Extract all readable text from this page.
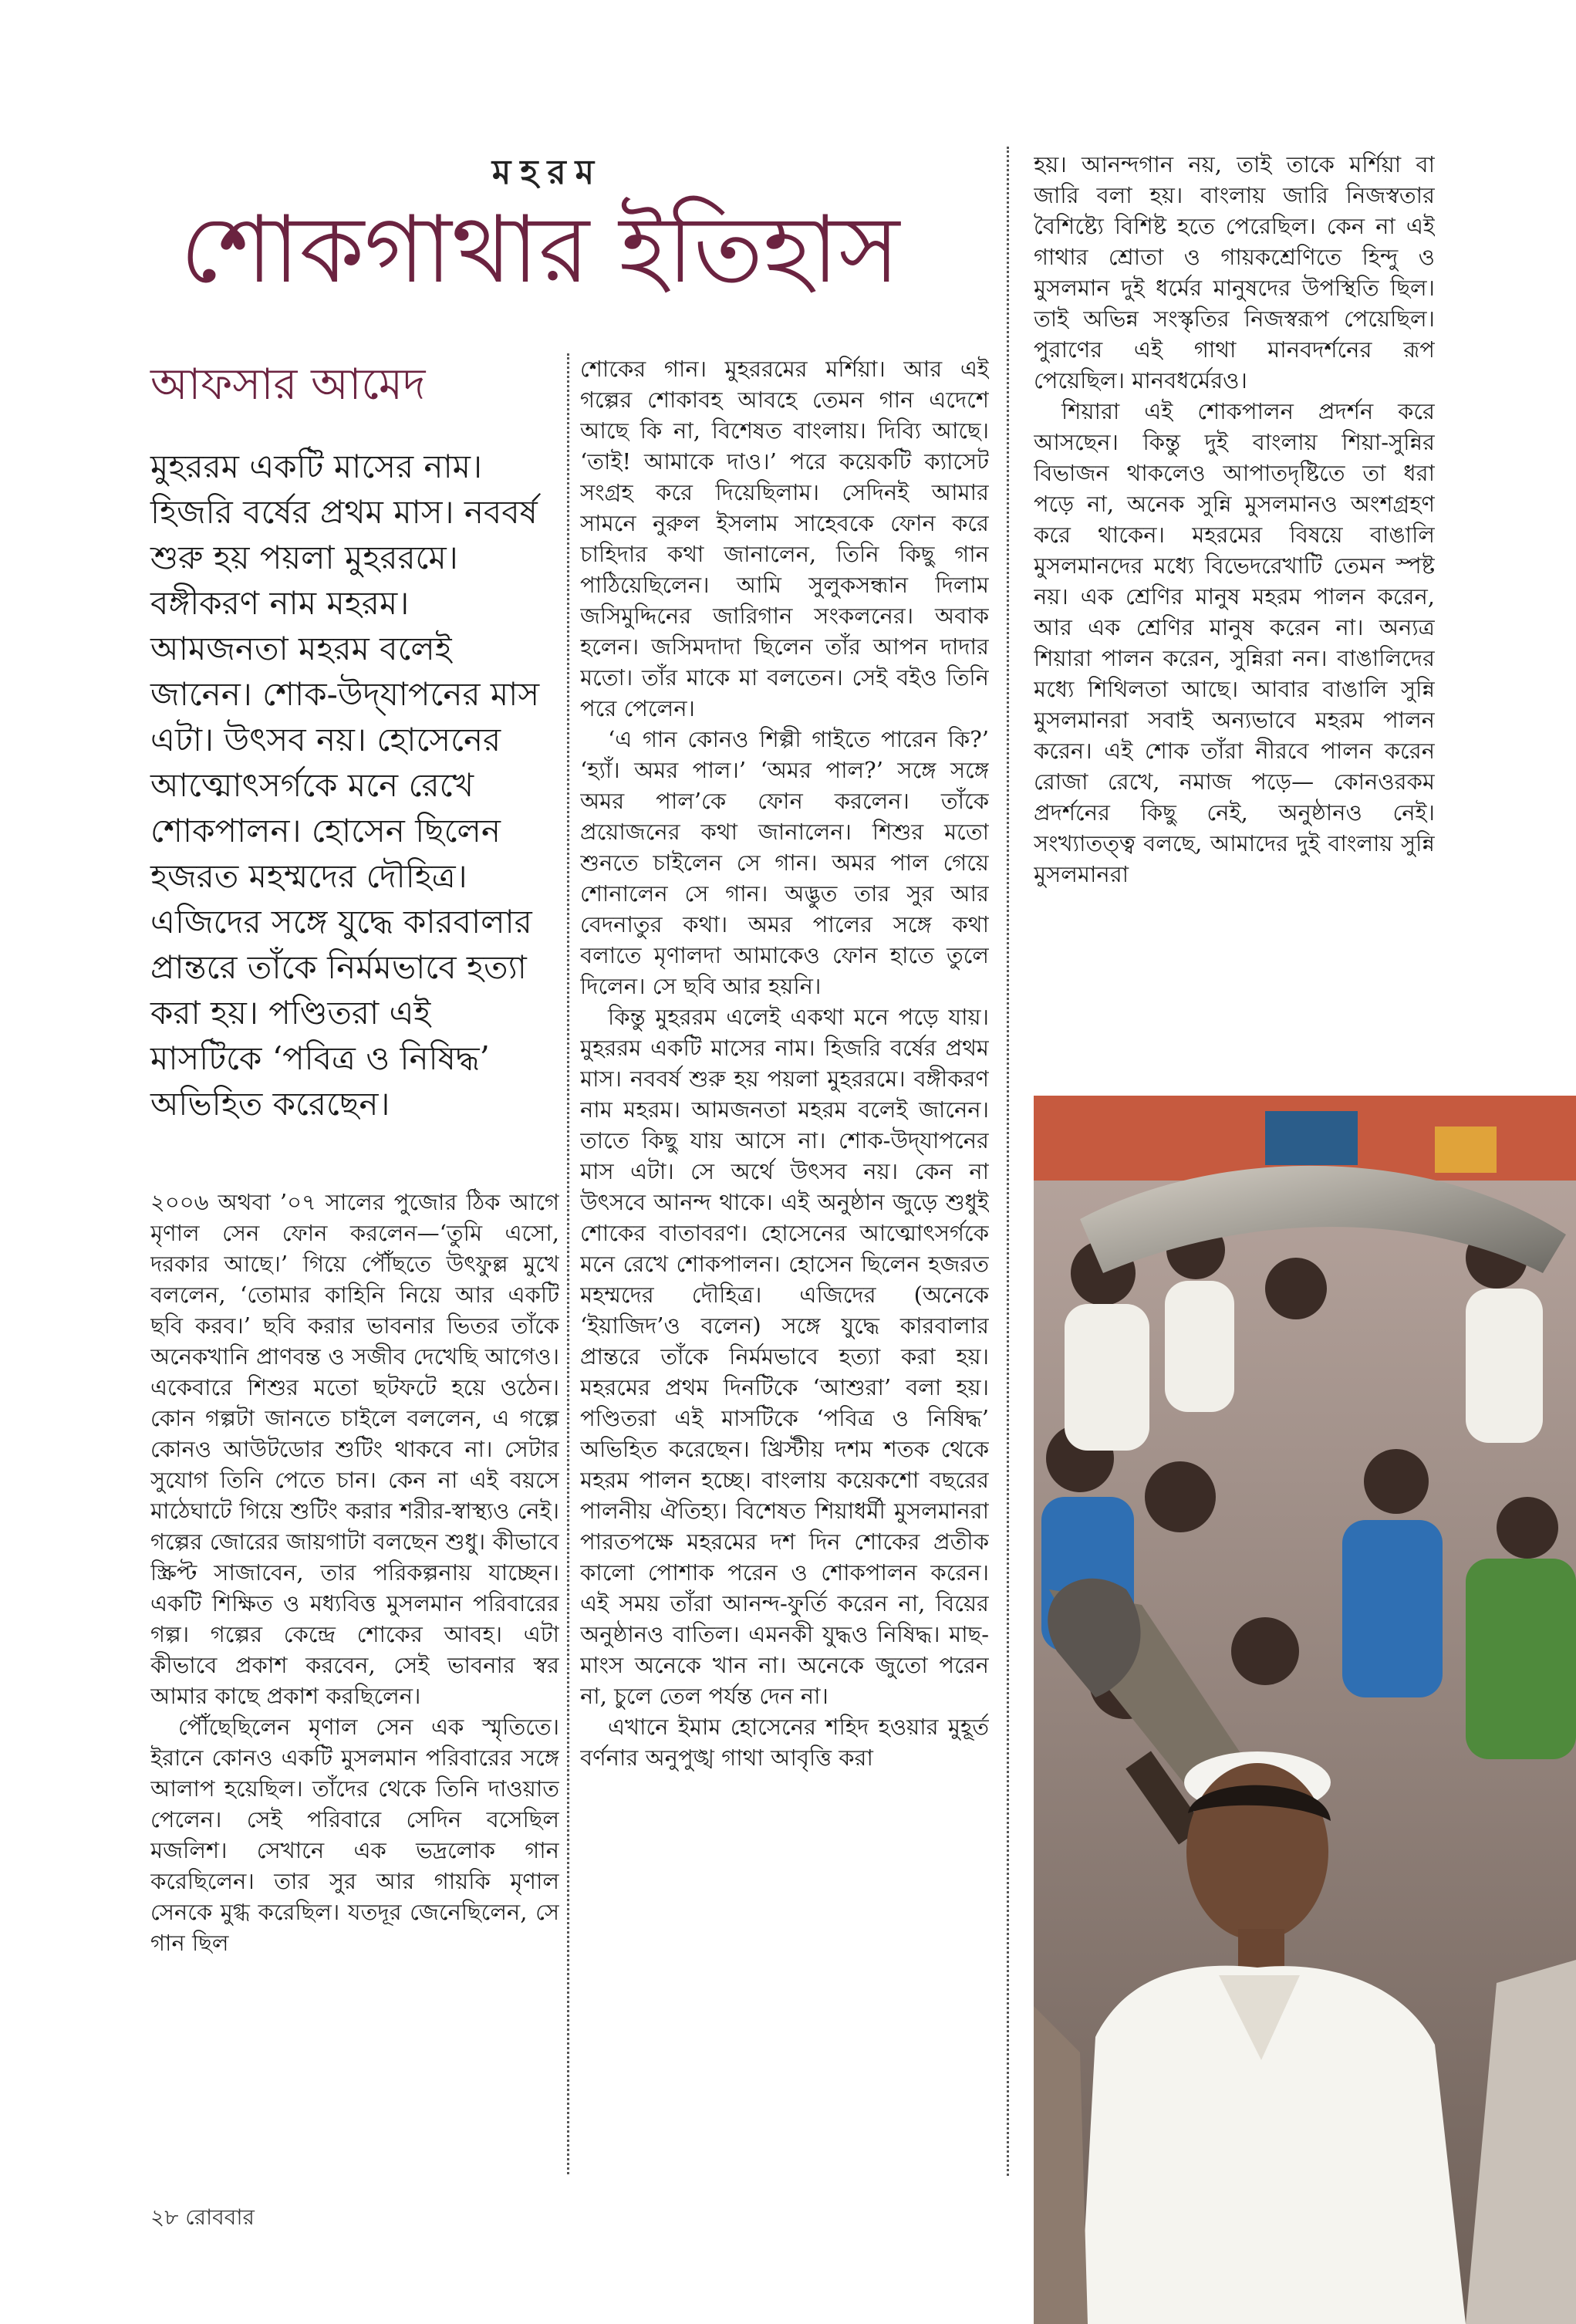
মহরম
শোকগাথার ইতিহাস
আফসার আমেদ

মুহররম একটি মাসের নাম। হিজরি বর্ষের প্রথম মাস। নববর্ষ শুরু হয় পয়লা মুহররমে। বঙ্গীকরণ নাম মহরম। আমজনতা মহরম বলেই জানেন। শোক-উদ্‌যাপনের মাস এটা। উৎসব নয়। হোসেনের আত্মোৎসর্গকে মনে রেখে শোকপালন। হোসেন ছিলেন হজরত মহম্মদের দৌহিত্র। এজিদের সঙ্গে যুদ্ধে কারবালার প্রান্তরে তাঁকে নির্মমভাবে হত্যা করা হয়। পণ্ডিতরা এই মাসটিকে ‘পবিত্র ও নিষিদ্ধ’ অভিহিত করেছেন।

২০০৬ অথবা ’০৭ সালের পুজোর ঠিক আগে মৃণাল সেন ফোন করলেন—‘তুমি এসো, দরকার আছে।’ গিয়ে পৌঁছতে উৎফুল্ল মুখে বললেন, ‘তোমার কাহিনি নিয়ে আর একটি ছবি করব।’ ছবি করার ভাবনার ভিতর তাঁকে অনেকখানি প্রাণবন্ত ও সজীব দেখেছি আগেও। একেবারে শিশুর মতো ছটফটে হয়ে ওঠেন। কোন গল্পটা জানতে চাইলে বললেন, এ গল্পে কোনও আউটডোর শুটিং থাকবে না। সেটার সুযোগ তিনি পেতে চান। কেন না এই বয়সে মাঠেঘাটে গিয়ে শুটিং করার শরীর-স্বাস্থ্যও নেই। গল্পের জোরের জায়গাটা বলছেন শুধু। কীভাবে স্ক্রিপ্ট সাজাবেন, তার পরিকল্পনায় যাচ্ছেন। একটি শিক্ষিত ও মধ্যবিত্ত মুসলমান পরিবারের গল্প। গল্পের কেন্দ্রে শোকের আবহ। এটা কীভাবে প্রকাশ করবেন, সেই ভাবনার স্বর আমার কাছে প্রকাশ করছিলেন।

পৌঁছেছিলেন মৃণাল সেন এক স্মৃতিতে। ইরানে কোনও একটি মুসলমান পরিবারের সঙ্গে আলাপ হয়েছিল। তাঁদের থেকে তিনি দাওয়াত পেলেন। সেই পরিবারে সেদিন বসেছিল মজলিশ। সেখানে এক ভদ্রলোক গান করেছিলেন। তার সুর আর গায়কি মৃণাল সেনকে মুগ্ধ করেছিল। যতদূর জেনেছিলেন, সে গান ছিল

শোকের গান। মুহররমের মর্শিয়া। আর এই গল্পের শোকাবহ আবহে তেমন গান এদেশে আছে কি না, বিশেষত বাংলায়। দিব্যি আছে। ‘তাই! আমাকে দাও।’ পরে কয়েকটি ক্যাসেট সংগ্রহ করে দিয়েছিলাম। সেদিনই আমার সামনে নুরুল ইসলাম সাহেবকে ফোন করে চাহিদার কথা জানালেন, তিনি কিছু গান পাঠিয়েছিলেন। আমি সুলুকসন্ধান দিলাম জসিমুদ্দিনের জারিগান সংকলনের। অবাক হলেন। জসিমদাদা ছিলেন তাঁর আপন দাদার মতো। তাঁর মাকে মা বলতেন। সেই বইও তিনি পরে পেলেন।

‘এ গান কোনও শিল্পী গাইতে পারেন কি?’ ‘হ্যাঁ। অমর পাল।’ ‘অমর পাল?’ সঙ্গে সঙ্গে অমর পাল’কে ফোন করলেন। তাঁকে প্রয়োজনের কথা জানালেন। শিশুর মতো শুনতে চাইলেন সে গান। অমর পাল গেয়ে শোনালেন সে গান। অদ্ভুত তার সুর আর বেদনাতুর কথা। অমর পালের সঙ্গে কথা বলাতে মৃণালদা আমাকেও ফোন হাতে তুলে দিলেন। সে ছবি আর হয়নি।

কিন্তু মুহররম এলেই একথা মনে পড়ে যায়। মুহররম একটি মাসের নাম। হিজরি বর্ষের প্রথম মাস। নববর্ষ শুরু হয় পয়লা মুহররমে। বঙ্গীকরণ নাম মহরম। আমজনতা মহরম বলেই জানেন। তাতে কিছু যায় আসে না। শোক-উদ্‌যাপনের মাস এটা। সে অর্থে উৎসব নয়। কেন না উৎসবে আনন্দ থাকে। এই অনুষ্ঠান জুড়ে শুধুই শোকের বাতাবরণ। হোসেনের আত্মোৎসর্গকে মনে রেখে শোকপালন। হোসেন ছিলেন হজরত মহম্মদের দৌহিত্র। এজিদের (অনেকে ‘ইয়াজিদ’ও বলেন) সঙ্গে যুদ্ধে কারবালার প্রান্তরে তাঁকে নির্মমভাবে হত্যা করা হয়। মহরমের প্রথম দিনটিকে ‘আশুরা’ বলা হয়। পণ্ডিতরা এই মাসটিকে ‘পবিত্র ও নিষিদ্ধ’ অভিহিত করেছেন। খ্রিস্টীয় দশম শতক থেকে মহরম পালন হচ্ছে। বাংলায় কয়েকশো বছরের পালনীয় ঐতিহ্য। বিশেষত শিয়াধর্মী মুসলমানরা পারতপক্ষে মহরমের দশ দিন শোকের প্রতীক কালো পোশাক পরেন ও শোকপালন করেন। এই সময় তাঁরা আনন্দ-ফুর্তি করেন না, বিয়ের অনুষ্ঠানও বাতিল। এমনকী যুদ্ধও নিষিদ্ধ। মাছ-মাংস অনেকে খান না। অনেকে জুতো পরেন না, চুলে তেল পর্যন্ত দেন না।

এখানে ইমাম হোসেনের শহিদ হওয়ার মুহূর্ত বর্ণনার অনুপুঙ্খ গাথা আবৃত্তি করা

হয়। আনন্দগান নয়, তাই তাকে মর্শিয়া বা জারি বলা হয়। বাংলায় জারি নিজস্বতার বৈশিষ্ট্যে বিশিষ্ট হতে পেরেছিল। কেন না এই গাথার শ্রোতা ও গায়কশ্রেণিতে হিন্দু ও মুসলমান দুই ধর্মের মানুষদের উপস্থিতি ছিল। তাই অভিন্ন সংস্কৃতির নিজস্বরূপ পেয়েছিল। পুরাণের এই গাথা মানবদর্শনের রূপ পেয়েছিল। মানবধর্মেরও।

শিয়ারা এই শোকপালন প্রদর্শন করে আসছেন। কিন্তু দুই বাংলায় শিয়া-সুন্নির বিভাজন থাকলেও আপাতদৃষ্টিতে তা ধরা পড়ে না, অনেক সুন্নি মুসলমানও অংশগ্রহণ করে থাকেন। মহরমের বিষয়ে বাঙালি মুসলমানদের মধ্যে বিভেদরেখাটি তেমন স্পষ্ট নয়। এক শ্রেণির মানুষ মহরম পালন করেন, আর এক শ্রেণির মানুষ করেন না। অন্যত্র শিয়ারা পালন করেন, সুন্নিরা নন। বাঙালিদের মধ্যে শিথিলতা আছে। আবার বাঙালি সুন্নি মুসলমানরা সবাই অন্যভাবে মহরম পালন করেন। এই শোক তাঁরা নীরবে পালন করেন রোজা রেখে, নমাজ পড়ে— কোনওরকম প্রদর্শনের কিছু নেই, অনুষ্ঠানও নেই। সংখ্যাতত্ত্ব বলছে, আমাদের দুই বাংলায় সুন্নি মুসলমানরা

২৮ রোববার
